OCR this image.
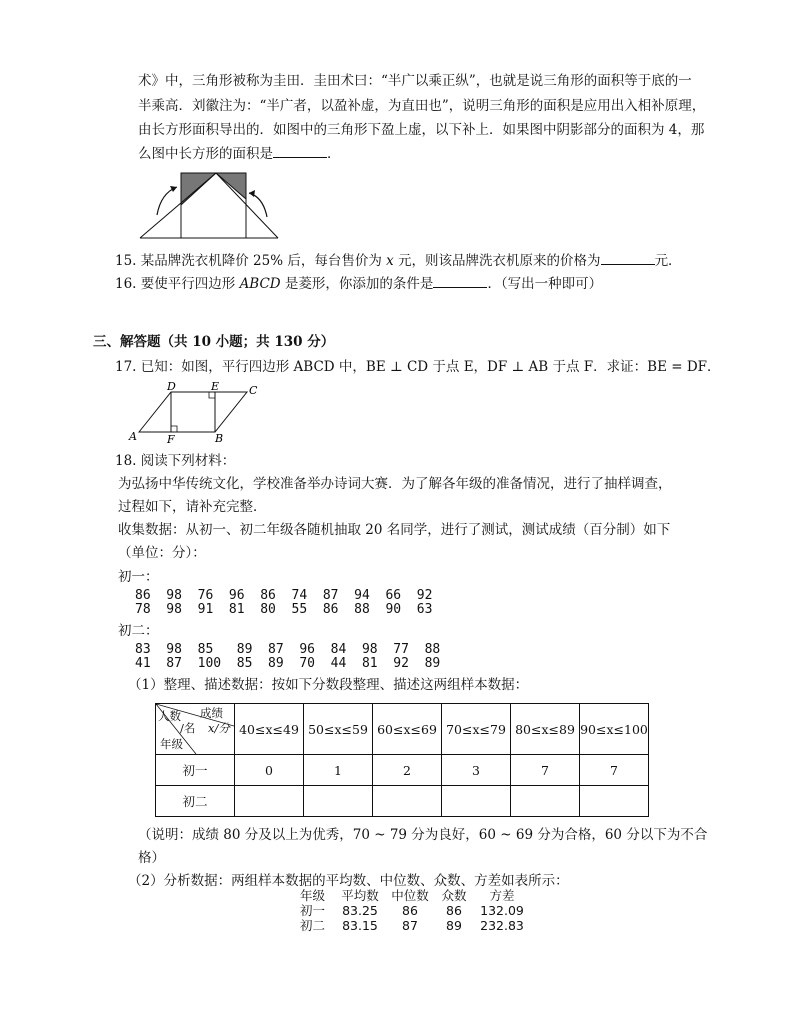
术》中，三角形被称为圭田．圭田术曰：“半广以乘正纵”，也就是说三角形的面积等于底的一
半乘高．刘徽注为：“半广者，以盈补虚，为直田也”，说明三角形的面积是应用出入相补原理，
由长方形面积导出的．如图中的三角形下盈上虚，以下补上．如果图中阴影部分的面积为 4，那
么图中长方形的面积是	．
15. 某品牌洗衣机降价 25% 后，每台售价为 x 元，则该品牌洗衣机原来的价格为	元．
16. 要使平行四边形 ABCD 是菱形，你添加的条件是	．（写出一种即可）
三、解答题（共 10 小题；共 130 分）
17. 已知：如图，平行四边形 ABCD 中，BE ⊥ CD 于点 E，DF ⊥ AB 于点 F．求证：BE = DF．
A	B
C
D	E
F
18. 阅读下列材料：
为弘扬中华传统文化，学校准备举办诗词大赛．为了解各年级的准备情况，进行了抽样调查，
过程如下，请补充完整．
收集数据：从初一、初二年级各随机抽取 20 名同学，进行了测试，测试成绩（百分制）如下
（单位：分）：
初一：
86  98  76  96  86  74  87  94  66  92
78  98  91  81  80  55  86  88  90  63
初二：
83  98  85   89  87  96  84  98  77  88
41  87  100  85  89  70  44  81  92  89
（1）整理、描述数据：按如下分数段整理、描述这两组样本数据：
成绩
人数
/名 x/分
年级	40≤x≤49	50≤x≤59	60≤x≤69	70≤x≤79	80≤x≤89	90≤x≤100
初一	0	1	2	3	7	7
初二						
（说明：成绩 80 分及以上为优秀，70 ~ 79 分为良好，60 ~ 69 分为合格，60 分以下为不合
格）
（2）分析数据：两组样本数据的平均数、中位数、众数、方差如表所示：
年级	平均数 中位数	众数	方差
初一	83.25	86	86	132.09
初二	83.15	87	89	232.83
